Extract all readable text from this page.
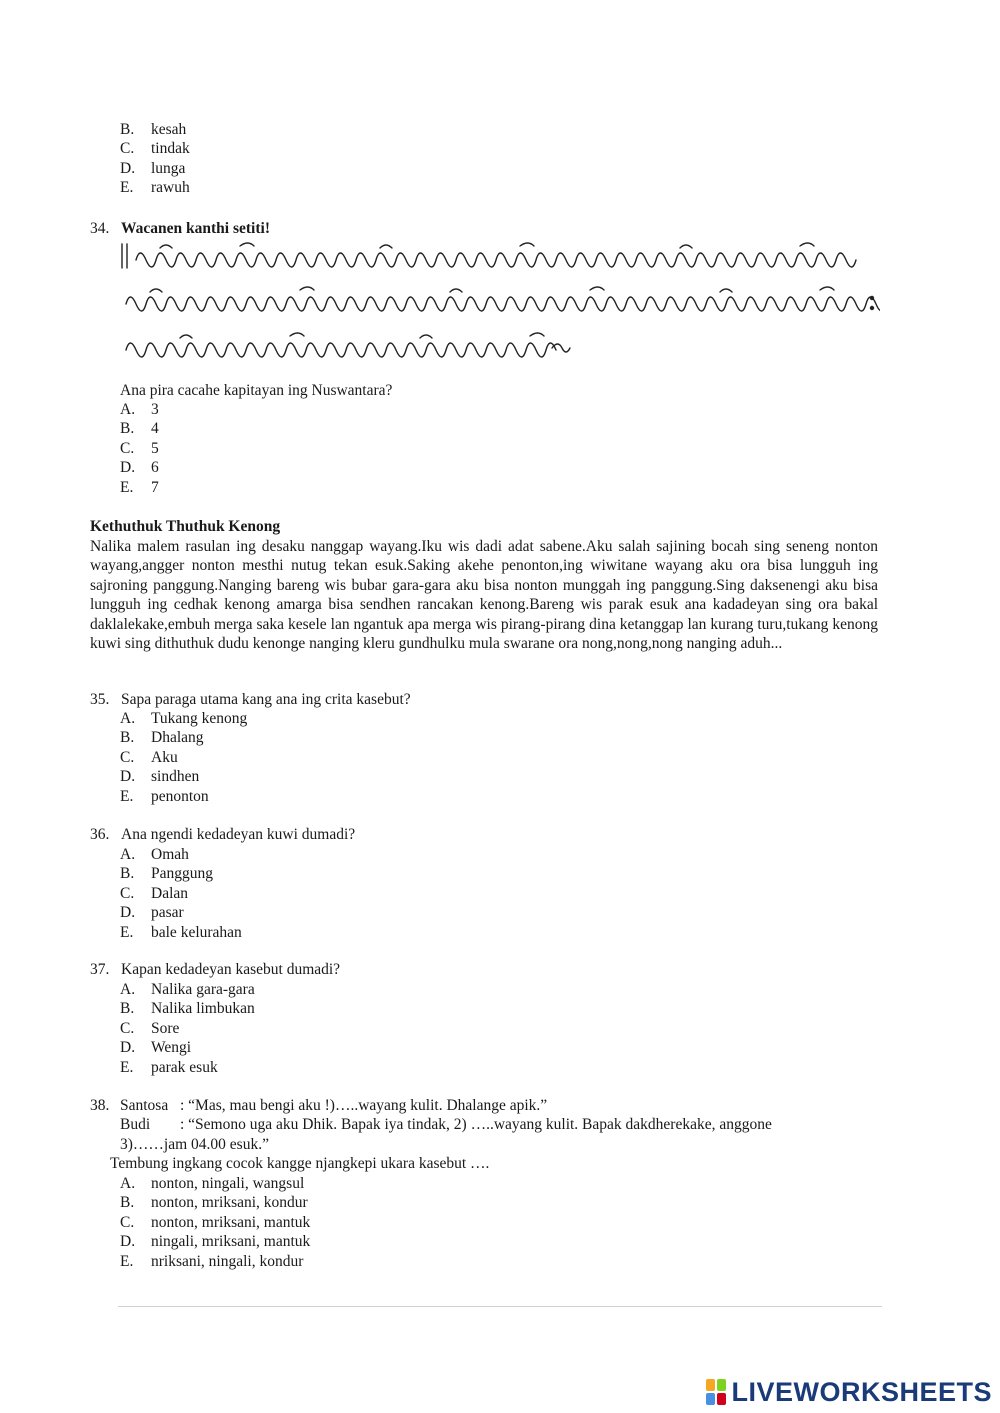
B. kesah
C. tindak
D. lunga
E. rawuh
34. Wacanen kanthi setiti!
Ana pira cacahe kapitayan ing Nuswantara?
A. 3
B. 4
C. 5
D. 6
E. 7
Kethuthuk Thuthuk Kenong

Nalika malem rasulan ing desaku nanggap wayang.Iku wis dadi adat sabene.Aku salah sajining bocah sing seneng nonton wayang,angger nonton mesthi nutug tekan esuk.Saking akehe penonton,ing wiwitane wayang aku ora bisa lungguh ing sajroning panggung.Nanging bareng wis bubar gara-gara aku bisa nonton munggah ing panggung.Sing daksenengi aku bisa lungguh ing cedhak kenong amarga bisa sendhen rancakan kenong.Bareng wis parak esuk ana kadadeyan sing ora bakal daklalekake,embuh merga saka kesele lan ngantuk apa merga wis pirang-pirang dina ketanggap lan kurang turu,tukang kenong kuwi sing dithuthuk dudu kenonge nanging kleru gundhulku mula swarane ora nong,nong,nong nanging aduh...

35. Sapa paraga utama kang ana ing crita kasebut?
A. Tukang kenong
B. Dhalang
C. Aku
D. sindhen
E. penonton
36. Ana ngendi kedadeyan kuwi dumadi?
A. Omah
B. Panggung
C. Dalan
D. pasar
E. bale kelurahan
37. Kapan kedadeyan kasebut dumadi?
A. Nalika gara-gara
B. Nalika limbukan
C. Sore
D. Wengi
E. parak esuk
38. Santosa : “Mas, mau bengi aku !)…..wayang kulit. Dhalange apik.”
Budi : “Semono uga aku Dhik. Bapak iya tindak, 2) …..wayang kulit. Bapak dakdherekake, anggone
3)……jam 04.00 esuk.”
Tembung ingkang cocok kangge njangkepi ukara kasebut ….
A. nonton, ningali, wangsul
B. nonton, mriksani, kondur
C. nonton, mriksani, mantuk
D. ningali, mriksani, mantuk
E. nriksani, ningali, kondur
LIVEWORKSHEETS
